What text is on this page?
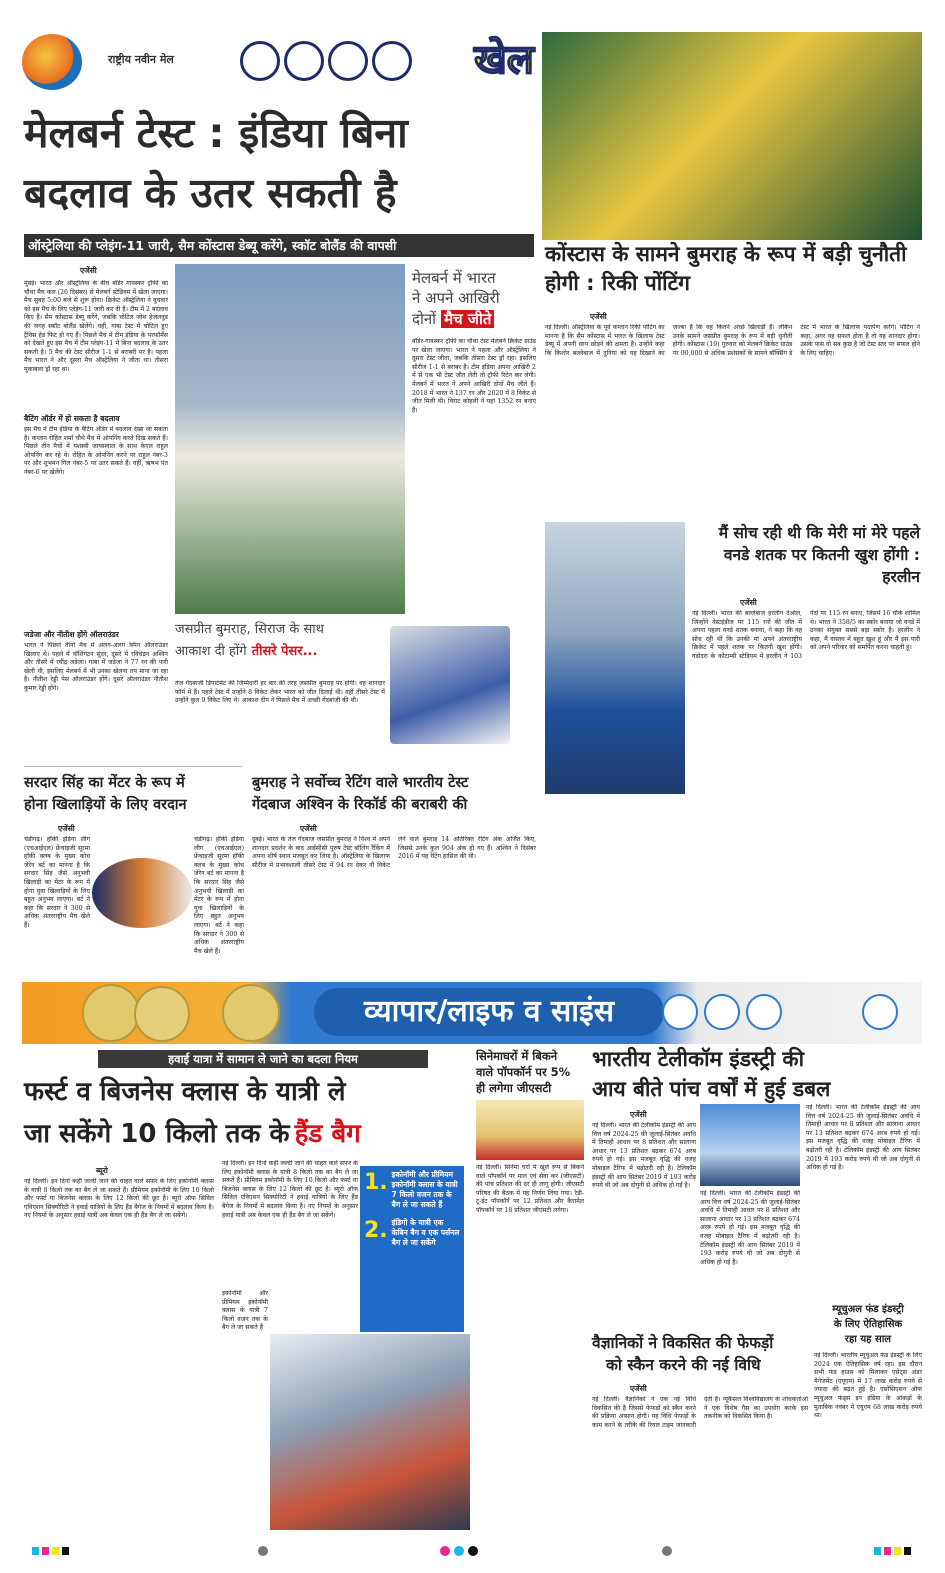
राष्ट्रीय नवीन मेल	खेल
मेलबर्न टेस्ट : इंडिया बिना
बदलाव के उतर सकती है
ऑस्ट्रेलिया की प्लेइंग-11 जारी, सैम कोंस्टास डेब्यू करेंगे, स्कॉट बोलैंड की वापसी
एजेंसी
मुंबई। भारत और ऑस्ट्रेलिया के बीच बॉर्डर गावस्कर ट्रॉफी का चौथा मैच कल (26 दिसंबर) से मेलबर्न स्टेडियम में खेला जाएगा। मैच सुबह 5:00 बजे से शुरू होगा। क्रिकेट ऑस्ट्रेलिया ने बुधवार को इस मैच के लिए प्लेइंग-11 जारी कर दी है। टीम में 2 बदलाव किए हैं। सैम कोंस्टास डेब्यू करेंगे, जबकि चोटिल जोश हेजलवुड की जगह स्कॉट बोलैंड खेलेंगे। वहीं, गाबा टेस्ट में चोटिल हुए ट्रैविस हेड फिट हो गए हैं। पिछले मैच में टीम इंडिया के परफॉर्मेंस को देखते हुए इस मैच में टीम प्लेइंग-11 में बिना बदलाव के उतर सकती है। 5 मैच की टेस्ट सीरीज 1-1 से बराबरी पर है। पहला मैच भारत ने और दूसरा मैच ऑस्ट्रेलिया ने जीता था। तीसरा मुकाबला ड्रॉ रहा था।
बैटिंग ऑर्डर में हो सकता है बदलाव
इस मैच में टीम इंडिया के बैटिंग ऑर्डर में बदलाव देखा जा सकता है। कप्तान रोहित शर्मा चौथे मैच में ओपनिंग करते दिख सकते हैं। पिछले तीन मैचों में यशस्वी जायसवाल के साथ केएल राहुल ओपनिंग कर रहे थे। रोहित के ओपनिंग करने पर राहुल नंबर-3 पर और शुभमन गिल नंबर-5 पर उतर सकते हैं। वहीं, ऋषभ पंत नंबर-6 पर खेलेंगे।
जडेजा और नीतीश होंगे ऑलराउंडर
भारत ने पिछले तीनों मैच में अलग-अलग स्पिन ऑलराउंडर खिलाए थे। पहले में वॉशिंगटन सुंदर, दूसरे में रविचंद्रन अश्विन और तीसरे में रवींद्र जडेजा। गाबा में जडेजा ने 77 रन की पारी खेली थी, इसलिए मेलबर्न में भी उनका खेलना तय माना जा रहा है। नीतीश रेड्डी पेस ऑलराउंडर होंगे। दूसरे ऑलराउंडर नीतीश कुमार रेड्डी होंगे।
मेलबर्न में भारत
ने अपने आखिरी
दोनों मैच जीते
बॉर्डर-गावस्कर ट्रॉफी का चौथा टेस्ट मेलबर्न क्रिकेट ग्राउंड पर खेला जाएगा। भारत ने पहला और ऑस्ट्रेलिया ने दूसरा टेस्ट जीता, जबकि तीसरा टेस्ट ड्रॉ रहा। इसलिए सीरीज 1-1 से बराबर है। टीम इंडिया अपना आखिरी 2 में से एक भी टेस्ट जीत लेती तो ट्रॉफी रिटेन कर लेगी। मेलबर्न में भारत ने अपने आखिरी दोनों मैच जीते हैं। 2018 में भारत ने 137 रन और 2020 में 8 विकेट से जीत मिली थी। विराट कोहली ने यहां 1352 रन बनाए हैं।
जसप्रीत बुमराह, सिराज के साथ
आकाश दी होंगे तीसरे पेसर...
तेज गेंदबाजी डिपार्टमेंट की जिम्मेदारी हर बार की तरह जसप्रीत बुमराह पर होगी। वह शानदार फॉर्म में हैं। पहले टेस्ट में उन्होंने 8 विकेट लेकर भारत को जीत दिलाई थी। वहीं तीसरे टेस्ट में उन्होंने कुल 9 विकेट लिए थे। आकाश दीप ने पिछले मैच में अच्छी गेंदबाजी की थी।
कोंस्टास के सामने बुमराह के रूप में बड़ी चुनौती होगी : रिकी पोंटिंग
एजेंसी
नई दिल्ली। ऑस्ट्रेलिया के पूर्व कप्तान रिकी पोंटिंग का मानना है कि सैम कोंस्टास में भारत के खिलाफ टेस्ट डेब्यू में अपनी छाप छोड़ने की क्षमता है। उन्होंने कहा कि किशोर बल्लेबाज में दुनिया को यह दिखाने का जज्बा है कि वह कितने अच्छे खिलाड़ी हैं। लेकिन उनके सामने जसप्रीत बुमराह के रूप में बड़ी चुनौती होगी। कोंस्टास (19) गुरुवार को मेलबर्न क्रिकेट ग्राउंड पर 90,000 से अधिक प्रशंसकों के सामने बॉक्सिंग डे टेस्ट में भारत के खिलाफ पदार्पण करेंगे। पोंटिंग ने कहा, अगर वह सफल होता है तो यह शानदार होगा। उसके पास वो सब कुछ है जो टेस्ट स्तर पर सफल होने के लिए चाहिए।
मैं सोच रही थी कि मेरी मां मेरे पहले वनडे शतक पर कितनी खुश होंगी : हरलीन
एजेंसी
नई दिल्ली। भारत की बल्लेबाज हरलीन देओल, जिन्होंने वेस्टइंडीज पर 115 रनों की जीत में अपना पहला वनडे शतक बनाया, ने कहा कि वह सोच रही थीं कि उनकी मां अपने अंतरराष्ट्रीय क्रिकेट में पहले शतक पर कितनी खुश होंगी। वडोदरा के कोटाम्बी स्टेडियम में हरलीन ने 103 गेंदों पर 115 रन बनाए, जिसमें 16 चौके शामिल थे। भारत ने 358/5 का स्कोर बनाया जो वनडे में उनका संयुक्त सबसे बड़ा स्कोर है। हरलीन ने कहा, मैं वास्तव में बहुत खुश हूं और मैं इस पारी को अपने परिवार को समर्पित करना चाहती हूं।
सरदार सिंह का मेंटर के रूप में
होना खिलाड़ियों के लिए वरदान
एजेंसी
चंडीगढ़। हॉकी इंडिया लीग (एचआईएल) फ्रेंचाइजी सूरमा हॉकी क्लब के मुख्य कोच जेरेन बर्ट का मानना है कि सरदार सिंह जैसे अनुभवी खिलाड़ी का मेंटर के रूप में होना युवा खिलाड़ियों के लिए बहुत अनुभव लाएगा। बर्ट ने कहा कि सरदार ने 300 से अधिक अंतरराष्ट्रीय मैच खेले हैं।
चंडीगढ़। हॉकी इंडिया लीग (एचआईएल) फ्रेंचाइजी सूरमा हॉकी क्लब के मुख्य कोच जेरेन बर्ट का मानना है कि सरदार सिंह जैसे अनुभवी खिलाड़ी का मेंटर के रूप में होना युवा खिलाड़ियों के लिए बहुत अनुभव लाएगा। बर्ट ने कहा कि सरदार ने 300 से अधिक अंतरराष्ट्रीय मैच खेले हैं।
बुमराह ने सर्वोच्च रेटिंग वाले भारतीय टेस्ट
गेंदबाज अश्विन के रिकॉर्ड की बराबरी की
एजेंसी
दुबई। भारत के तेज गेंदबाज जसप्रीत बुमराह ने विश्व में अपने शानदार प्रदर्शन के बाद आईसीसी पुरुष टेस्ट बॉलिंग रैंकिंग में अपना शीर्ष स्थान मजबूत कर लिया है। ऑस्ट्रेलिया के खिलाफ सीरीज में प्रभावशाली तीसरे टेस्ट में 94 रन देकर नौ विकेट लेने वाले बुमराह 14 अतिरिक्त रेटिंग अंक अर्जित किए, जिससे उनके कुल 904 अंक हो गए हैं। अश्विन ने दिसंबर 2016 में यह रेटिंग हासिल की थी।
व्यापार/लाइफ व साइंस
हवाई यात्रा में सामान ले जाने का बदला नियम
फर्स्ट व बिजनेस क्लास के यात्री ले
जा सकेंगे 10 किलो तक के हैंड बैग
ब्यूरो
नई दिल्ली। इन दिनों कहीं जल्दी जाने की चाहत वाले सफर के लिए इकोनॉमी क्लास के यात्री 8 किलो तक का बैग ले जा सकते हैं। प्रीमियम इकोनॉमी के लिए 10 किलो और फर्स्ट या बिजनेस क्लास के लिए 12 किलो की छूट है। ब्यूरो ऑफ सिविल एविएशन सिक्योरिटी ने हवाई यात्रियों के लिए हैंड बैगेज के नियमों में बदलाव किया है। नए नियमों के अनुसार हवाई यात्री अब केवल एक ही हैंड बैग ले जा सकेंगे।
नई दिल्ली। इन दिनों कहीं जल्दी जाने की चाहत वाले सफर के लिए इकोनॉमी क्लास के यात्री 8 किलो तक का बैग ले जा सकते हैं। प्रीमियम इकोनॉमी के लिए 10 किलो और फर्स्ट या बिजनेस क्लास के लिए 12 किलो की छूट है। ब्यूरो ऑफ सिविल एविएशन सिक्योरिटी ने हवाई यात्रियों के लिए हैंड बैगेज के नियमों में बदलाव किया है। नए नियमों के अनुसार हवाई यात्री अब केवल एक ही हैंड बैग ले जा सकेंगे।
1. इकोनॉमी और प्रीमियम इकोनॉमी क्लास के यात्री 7 किलो वजन तक के बैग ले जा सकते हैं
2. इंडिगो के यात्री एक केबिन बैग व एक पर्सनल बैग ले जा सकेंगे
इकोनॉमी और प्रीमियम इकोनॉमी क्लास के यात्री 7 किलो वजन तक के बैग ले जा सकते हैं
सिनेमाघरों में बिकने
वाले पॉपकॉर्न पर 5%
ही लगेगा जीएसटी
नई दिल्ली। सिनेमा घरों में खुले रूप से बिकने वाले पॉपकॉर्न पर माल एवं सेवा कर (जीएसटी) की पांच प्रतिशत की दर ही लागू होगी। जीएसटी परिषद की बैठक में यह निर्णय लिया गया। रेडी-टू-ईट पॉपकॉर्न पर 12 प्रतिशत और कैरामेल पॉपकॉर्न पर 18 प्रतिशत जीएसटी लगेगा।
भारतीय टेलीकॉम इंडस्ट्री की
आय बीते पांच वर्षों में हुई डबल
एजेंसी
नई दिल्ली। भारत की टेलीकॉम इंडस्ट्री की आय वित्त वर्ष 2024-25 की जुलाई-सितंबर अवधि में तिमाही आधार पर 8 प्रतिशत और सालाना आधार पर 13 प्रतिशत बढ़कर 674 अरब रुपये हो गई। इस मजबूत वृद्धि की वजह मोबाइल टैरिफ में बढ़ोतरी रही है। टेलिकॉम इंडस्ट्री की आय सितंबर 2019 में 193 करोड़ रुपये थी जो अब दोगुनी से अधिक हो गई है।
नई दिल्ली। भारत की टेलीकॉम इंडस्ट्री की आय वित्त वर्ष 2024-25 की जुलाई-सितंबर अवधि में तिमाही आधार पर 8 प्रतिशत और सालाना आधार पर 13 प्रतिशत बढ़कर 674 अरब रुपये हो गई। इस मजबूत वृद्धि की वजह मोबाइल टैरिफ में बढ़ोतरी रही है। टेलिकॉम इंडस्ट्री की आय सितंबर 2019 में 193 करोड़ रुपये थी जो अब दोगुनी से अधिक हो गई है।
नई दिल्ली। भारत की टेलीकॉम इंडस्ट्री की आय वित्त वर्ष 2024-25 की जुलाई-सितंबर अवधि में तिमाही आधार पर 8 प्रतिशत और सालाना आधार पर 13 प्रतिशत बढ़कर 674 अरब रुपये हो गई। इस मजबूत वृद्धि की वजह मोबाइल टैरिफ में बढ़ोतरी रही है। टेलिकॉम इंडस्ट्री की आय सितंबर 2019 में 193 करोड़ रुपये थी जो अब दोगुनी से अधिक हो गई है।
वैज्ञानिकों ने विकसित की फेफड़ों
को स्कैन करने की नई विधि
एजेंसी
नई दिल्ली। वैज्ञानिकों ने एक नई विधि विकसित की है जिससे फेफड़ों को स्कैन करने की प्रक्रिया आसान होगी। यह विधि फेफड़ों के काम करने के तरीके की रियल टाइम जानकारी देती है। न्यूकैसल विश्वविद्यालय के शोधकर्ताओं ने एक विशेष गैस का उपयोग करके इस तकनीक को विकसित किया है।
म्यूचुअल फंड इंडस्ट्री
के लिए ऐतिहासिक
रहा यह साल
नई दिल्ली। भारतीय म्यूचुअल फंड इंडस्ट्री के लिए 2024 एक ऐतिहासिक वर्ष रहा। इस दौरान सभी फंड हाउस को मिलाकर एसेट्स अंडर मैनेजमेंट (एयूएम) में 17 लाख करोड़ रुपये से ज्यादा की बढ़त हुई है। एसोसिएशन ऑफ म्यूचुअल फंड्स इन इंडिया के आंकड़ों के मुताबिक नवंबर में एयूएम 68 लाख करोड़ रुपये था।
